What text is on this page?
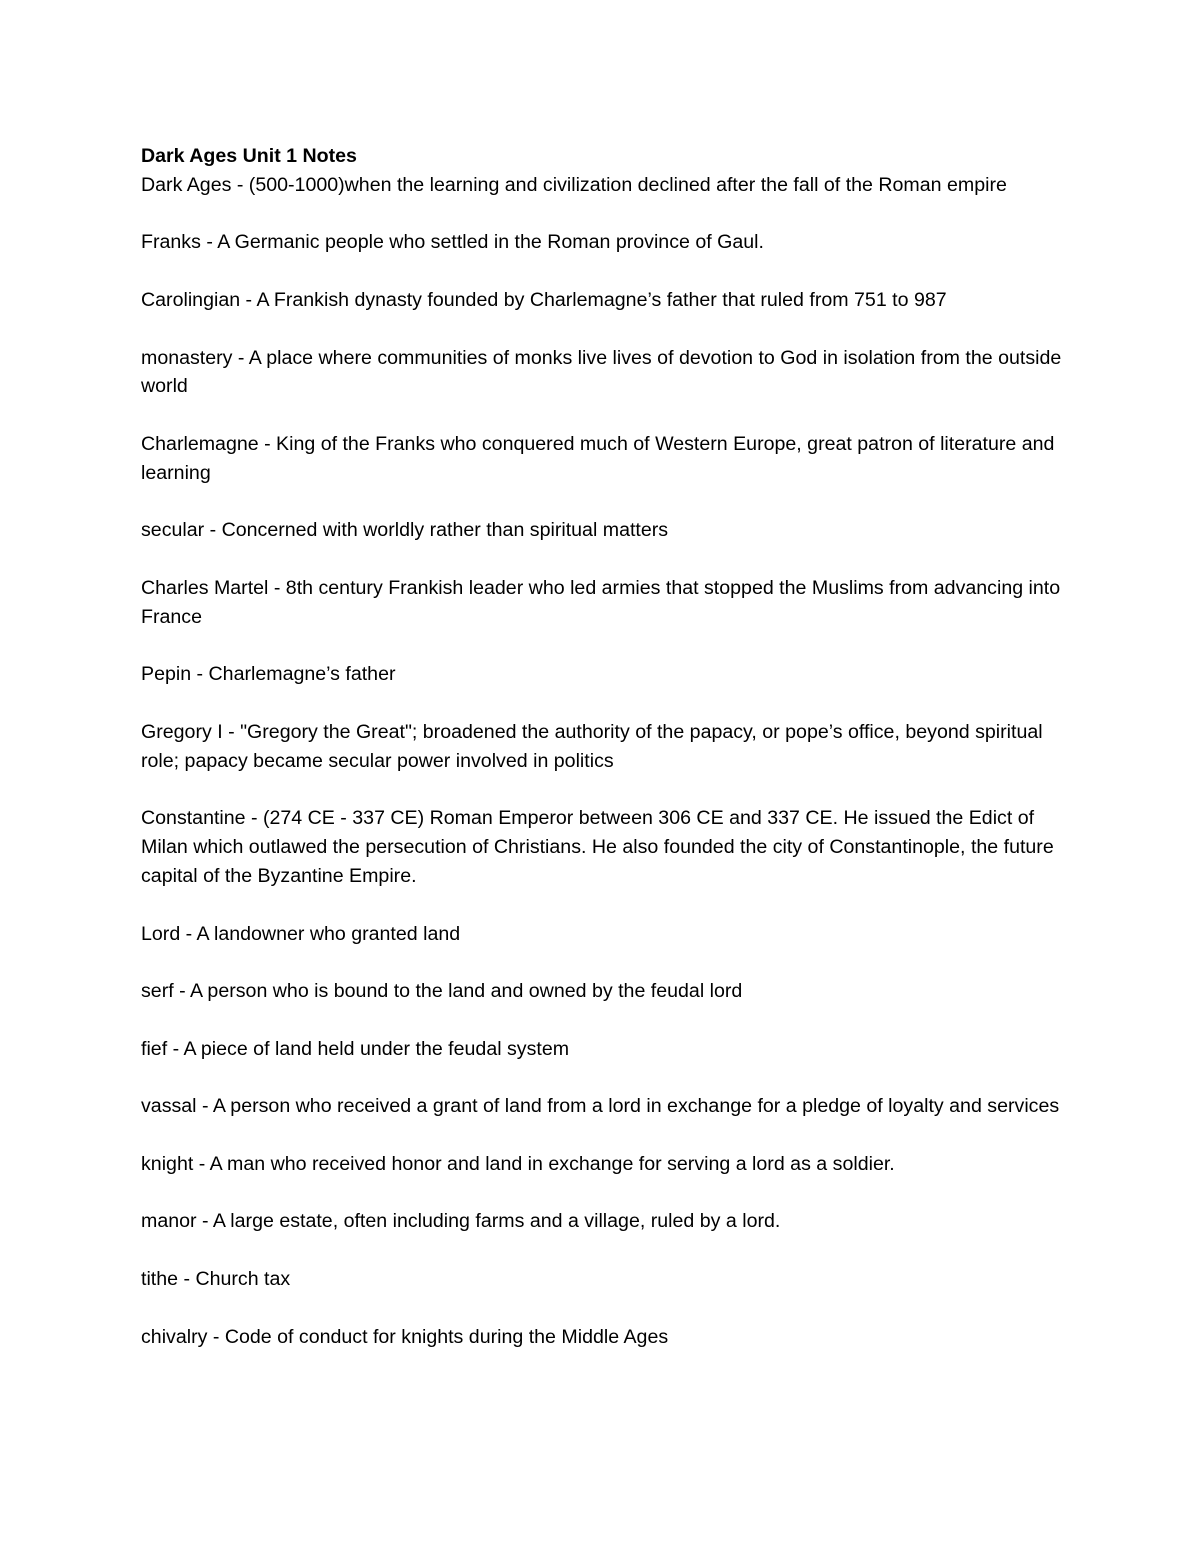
Dark Ages Unit 1 Notes

Dark Ages - (500-1000)when the learning and civilization declined after the fall of the Roman empire

Franks - A Germanic people who settled in the Roman province of Gaul.

Carolingian - A Frankish dynasty founded by Charlemagne’s father that ruled from 751 to 987

monastery - A place where communities of monks live lives of devotion to God in isolation from the outside world

Charlemagne - King of the Franks who conquered much of Western Europe, great patron of literature and learning

secular - Concerned with worldly rather than spiritual matters

Charles Martel - 8th century Frankish leader who led armies that stopped the Muslims from advancing into France

Pepin - Charlemagne’s father

Gregory I - "Gregory the Great"; broadened the authority of the papacy, or pope’s office, beyond spiritual role; papacy became secular power involved in politics

Constantine - (274 CE - 337 CE) Roman Emperor between 306 CE and 337 CE. He issued the Edict of Milan which outlawed the persecution of Christians. He also founded the city of Constantinople, the future capital of the Byzantine Empire.

Lord - A landowner who granted land

serf - A person who is bound to the land and owned by the feudal lord

fief - A piece of land held under the feudal system

vassal - A person who received a grant of land from a lord in exchange for a pledge of loyalty and services

knight - A man who received honor and land in exchange for serving a lord as a soldier.

manor - A large estate, often including farms and a village, ruled by a lord.

tithe - Church tax

chivalry - Code of conduct for knights during the Middle Ages
